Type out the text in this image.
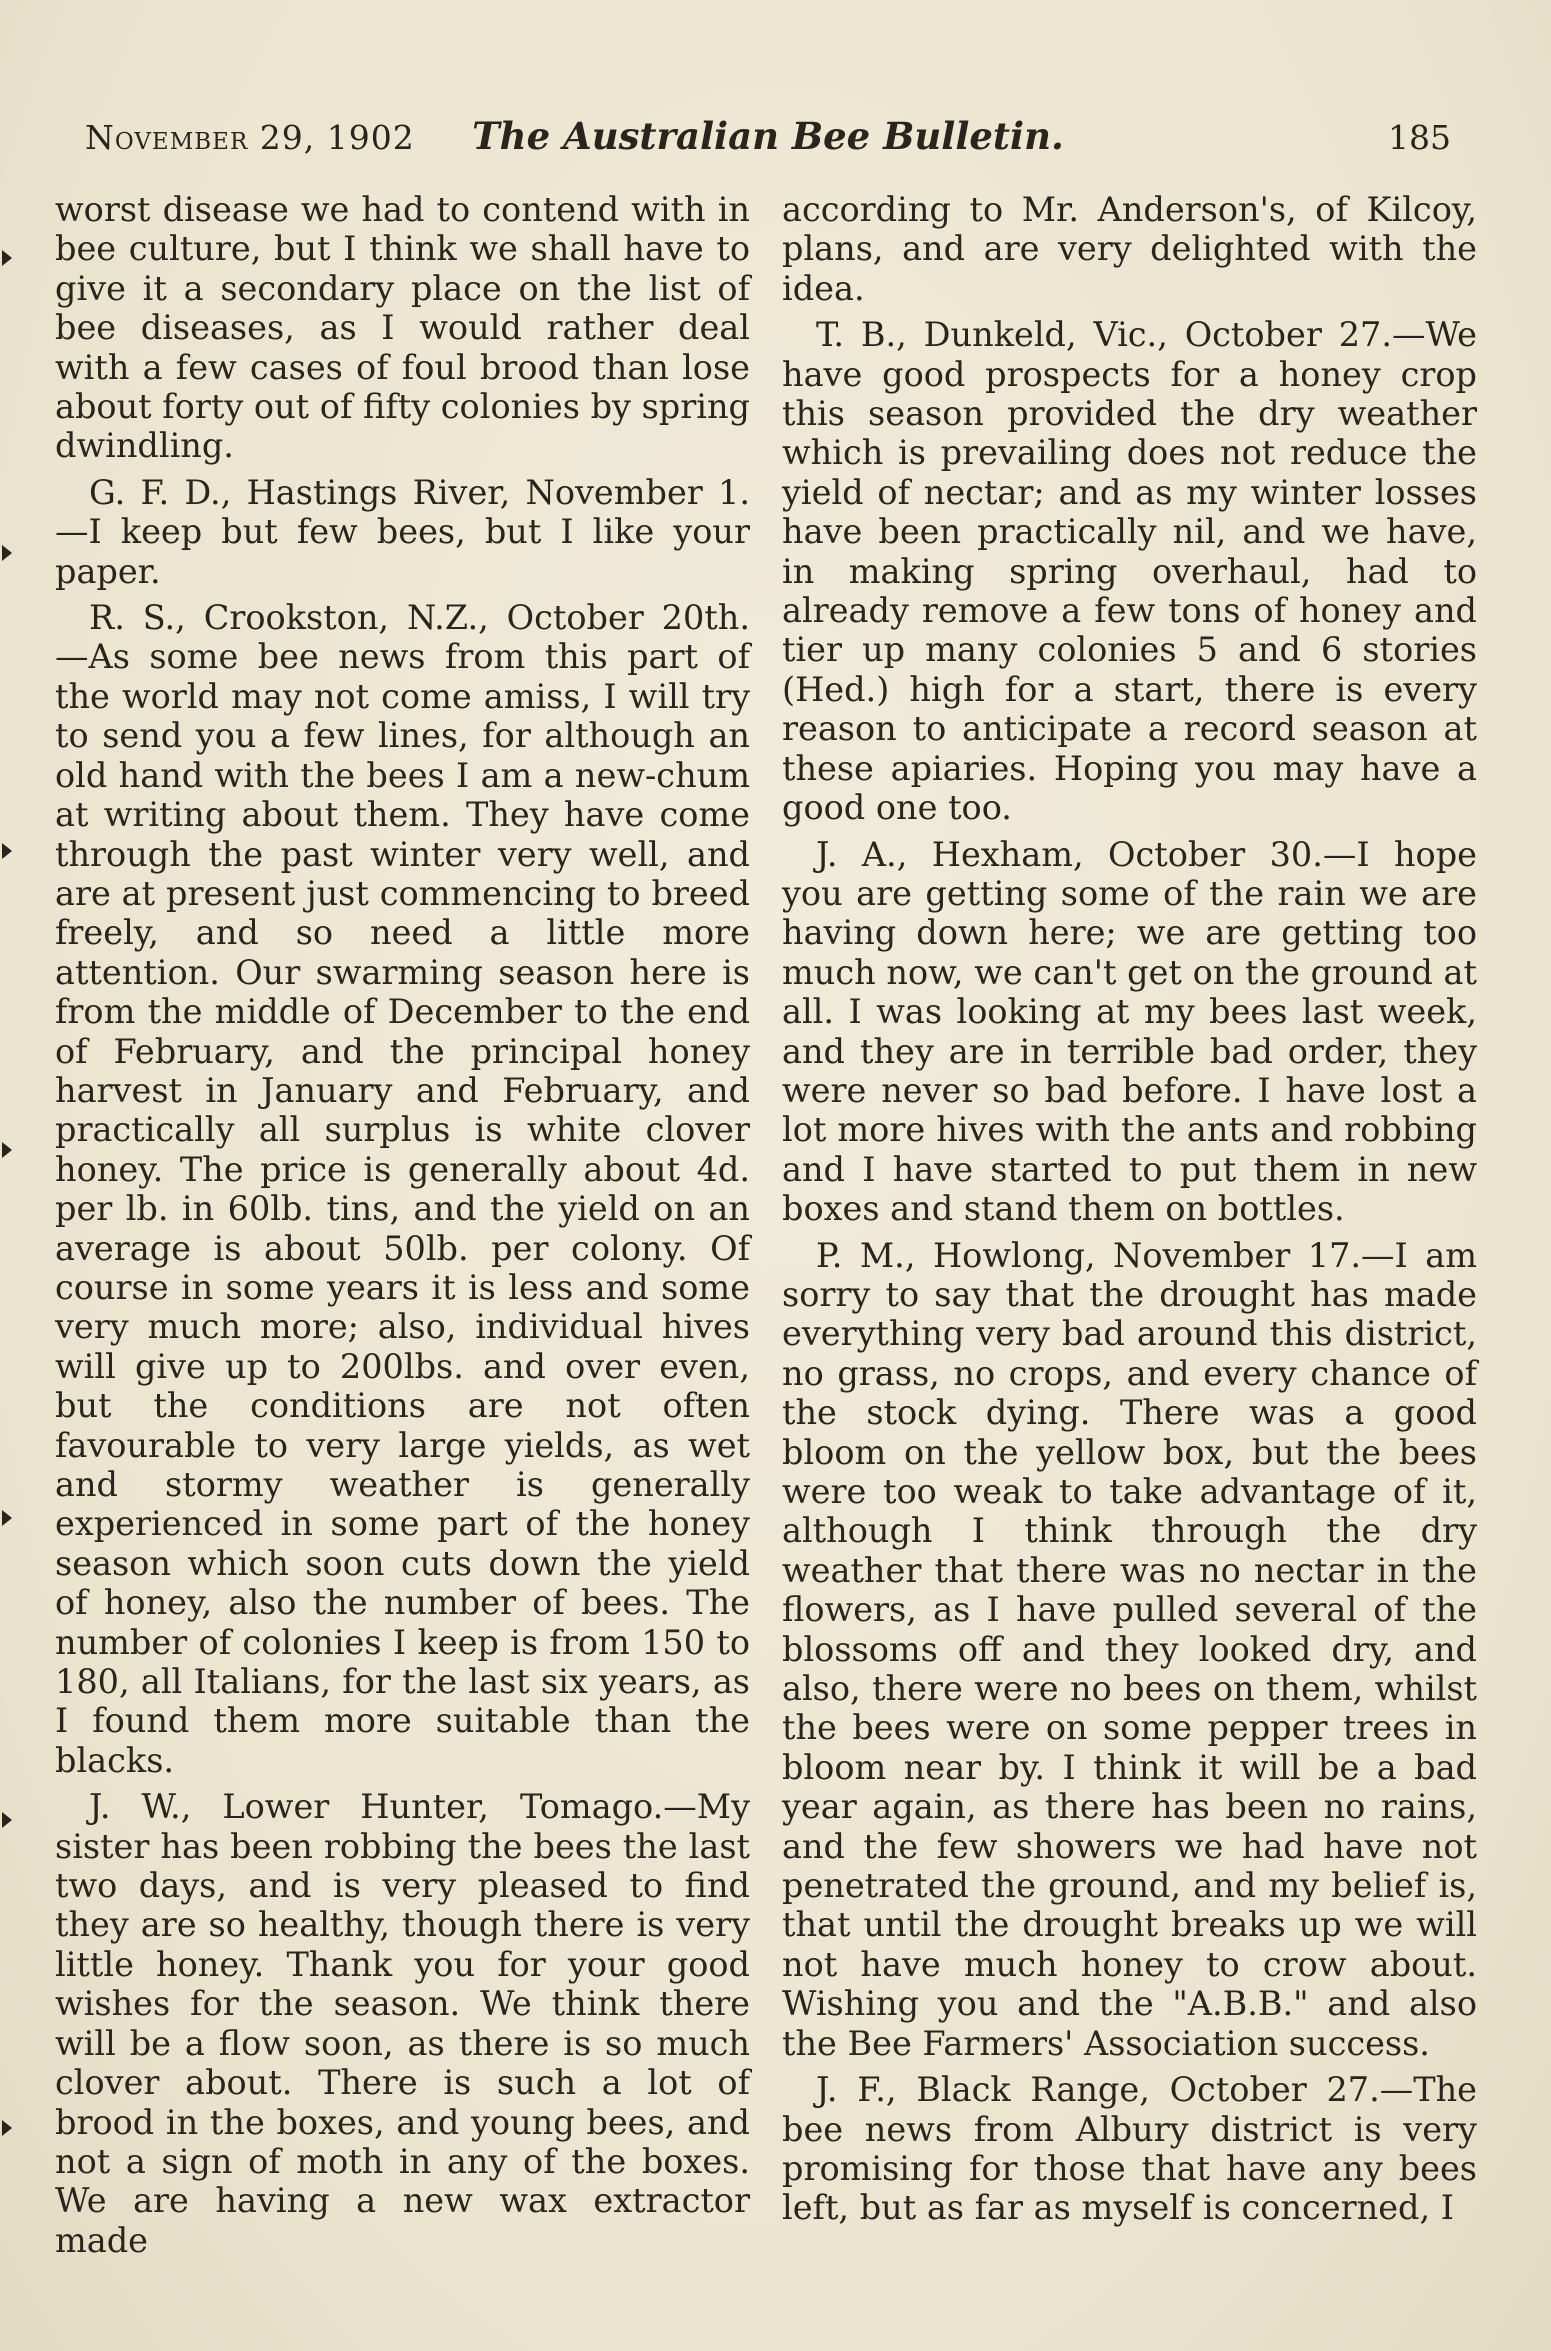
November 29, 1902	The Australian Bee Bulletin.	185

worst disease we had to contend with in bee culture, but I think we shall have to give it a secondary place on the list of bee diseases, as I would rather deal with a few cases of foul brood than lose about forty out of fifty colonies by spring dwindling.

G. F. D., Hastings River, November 1.—I keep but few bees, but I like your paper.

R. S., Crookston, N.Z., October 20th. —As some bee news from this part of the world may not come amiss, I will try to send you a few lines, for although an old hand with the bees I am a new-chum at writing about them. They have come through the past winter very well, and are at present just commencing to breed freely, and so need a little more attention. Our swarming season here is from the middle of December to the end of February, and the principal honey harvest in January and February, and practically all surplus is white clover honey. The price is generally about 4d. per lb. in 60lb. tins, and the yield on an average is about 50lb. per colony. Of course in some years it is less and some very much more; also, individual hives will give up to 200lbs. and over even, but the conditions are not often favourable to very large yields, as wet and stormy weather is generally experienced in some part of the honey season which soon cuts down the yield of honey, also the number of bees. The number of colonies I keep is from 150 to 180, all Italians, for the last six years, as I found them more suitable than the blacks.

J. W., Lower Hunter, Tomago.—My sister has been robbing the bees the last two days, and is very pleased to find they are so healthy, though there is very little honey. Thank you for your good wishes for the season. We think there will be a flow soon, as there is so much clover about. There is such a lot of brood in the boxes, and young bees, and not a sign of moth in any of the boxes. We are having a new wax extractor made

according to Mr. Anderson's, of Kilcoy, plans, and are very delighted with the idea.

T. B., Dunkeld, Vic., October 27.—We have good prospects for a honey crop this season provided the dry weather which is prevailing does not reduce the yield of nectar; and as my winter losses have been practically nil, and we have, in making spring overhaul, had to already remove a few tons of honey and tier up many colonies 5 and 6 stories (Hed.) high for a start, there is every reason to anticipate a record season at these apiaries. Hoping you may have a good one too.

J. A., Hexham, October 30.—I hope you are getting some of the rain we are having down here; we are getting too much now, we can't get on the ground at all. I was looking at my bees last week, and they are in terrible bad order, they were never so bad before. I have lost a lot more hives with the ants and robbing and I have started to put them in new boxes and stand them on bottles.

P. M., Howlong, November 17.—I am sorry to say that the drought has made everything very bad around this district, no grass, no crops, and every chance of the stock dying. There was a good bloom on the yellow box, but the bees were too weak to take advantage of it, although I think through the dry weather that there was no nectar in the flowers, as I have pulled several of the blossoms off and they looked dry, and also, there were no bees on them, whilst the bees were on some pepper trees in bloom near by. I think it will be a bad year again, as there has been no rains, and the few showers we had have not penetrated the ground, and my belief is, that until the drought breaks up we will not have much honey to crow about. Wishing you and the "A.B.B." and also the Bee Farmers' Association success.

J. F., Black Range, October 27.—The bee news from Albury district is very promising for those that have any bees left, but as far as myself is concerned, I
